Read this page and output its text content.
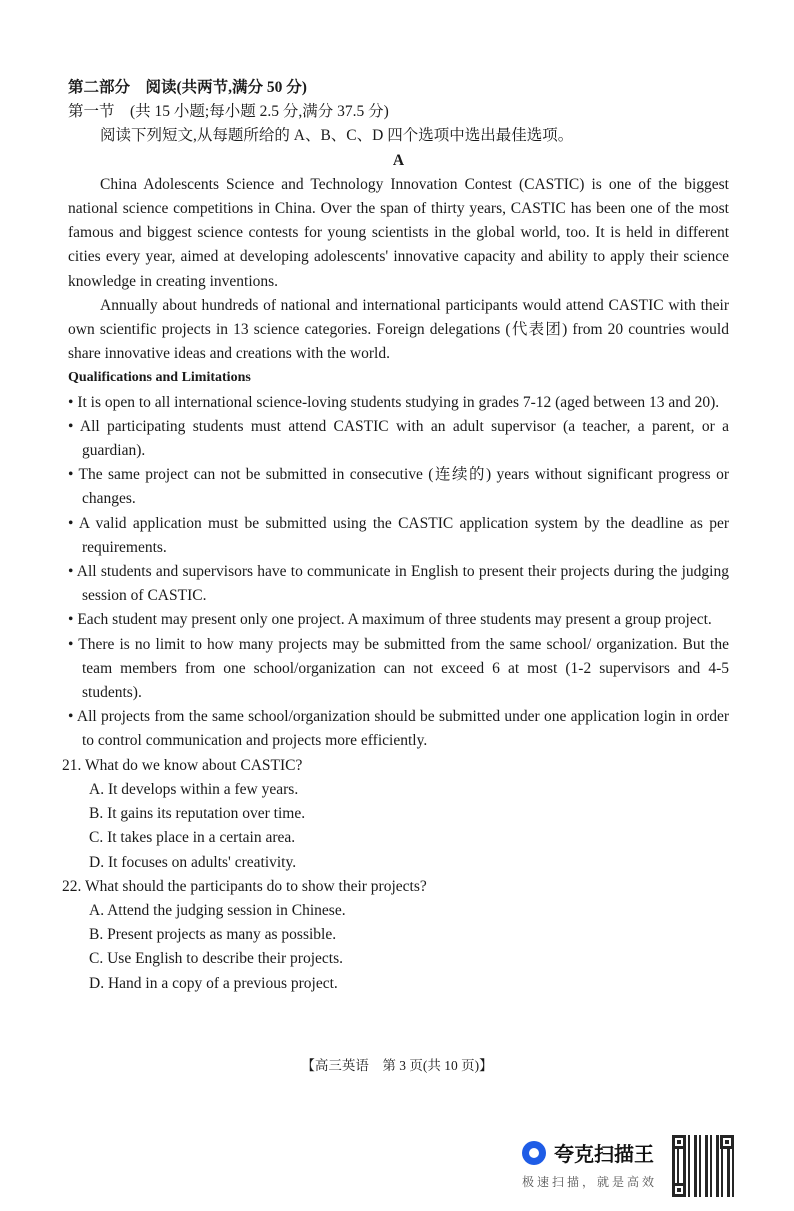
第二部分　阅读(共两节,满分 50 分)
第一节　(共 15 小题;每小题 2.5 分,满分 37.5 分)
阅读下列短文,从每题所给的 A、B、C、D 四个选项中选出最佳选项。
A

China Adolescents Science and Technology Innovation Contest (CASTIC) is one of the biggest national science competitions in China. Over the span of thirty years, CASTIC has been one of the most famous and biggest science contests for young scientists in the global world, too. It is held in different cities every year, aimed at developing adolescents' innovative capacity and ability to apply their science knowledge in creating inventions.

Annually about hundreds of national and international participants would attend CASTIC with their own scientific projects in 13 science categories. Foreign delegations (代表团) from 20 countries would share innovative ideas and creations with the world.

Qualifications and Limitations
• It is open to all international science-loving students studying in grades 7-12 (aged between 13 and 20).
• All participating students must attend CASTIC with an adult supervisor (a teacher, a parent, or a guardian).
• The same project can not be submitted in consecutive (连续的) years without significant progress or changes.
• A valid application must be submitted using the CASTIC application system by the deadline as per requirements.
• All students and supervisors have to communicate in English to present their projects during the judging session of CASTIC.
• Each student may present only one project. A maximum of three students may present a group project.
• There is no limit to how many projects may be submitted from the same school/ organization. But the team members from one school/organization can not exceed 6 at most (1-2 supervisors and 4-5 students).
• All projects from the same school/organization should be submitted under one application login in order to control communication and projects more efficiently.
21. What do we know about CASTIC?
A. It develops within a few years.
B. It gains its reputation over time.
C. It takes place in a certain area.
D. It focuses on adults' creativity.
22. What should the participants do to show their projects?
A. Attend the judging session in Chinese.
B. Present projects as many as possible.
C. Use English to describe their projects.
D. Hand in a copy of a previous project.
【高三英语　第 3 页(共 10 页)】
夸克扫描王
极速扫描，就是高效
